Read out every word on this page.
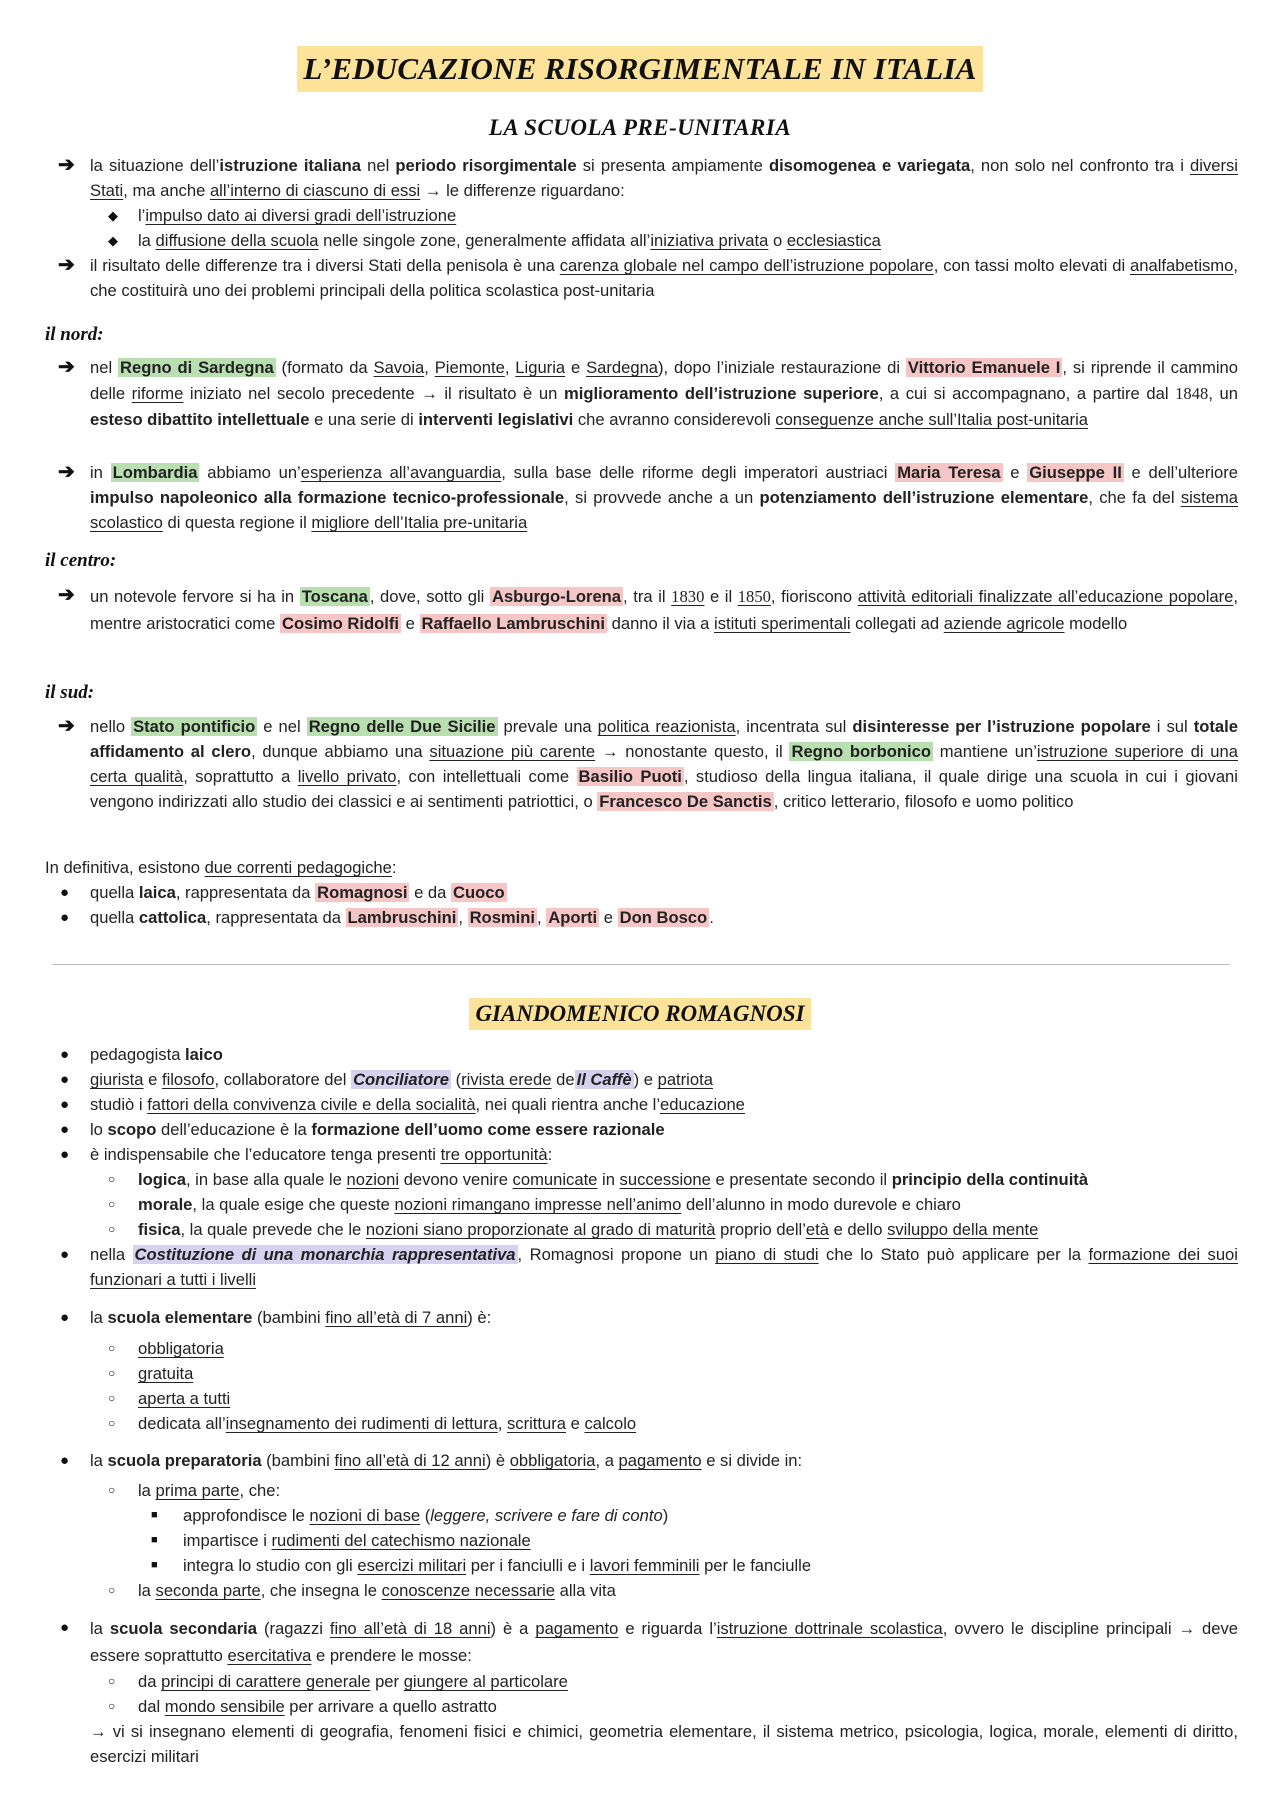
L’EDUCAZIONE RISORGIMENTALE IN ITALIA
LA SCUOLA PRE-UNITARIA
➔ la situazione dell’istruzione italiana nel periodo risorgimentale si presenta ampiamente disomogenea e variegata, non solo nel confronto tra i diversi Stati, ma anche all’interno di ciascuno di essi → le differenze riguardano:
◆ l’impulso dato ai diversi gradi dell’istruzione
◆ la diffusione della scuola nelle singole zone, generalmente affidata all’iniziativa privata o ecclesiastica
➔ il risultato delle differenze tra i diversi Stati della penisola è una carenza globale nel campo dell’istruzione popolare, con tassi molto elevati di analfabetismo, che costituirà uno dei problemi principali della politica scolastica post-unitaria
il nord:
➔ nel Regno di Sardegna (formato da Savoia, Piemonte, Liguria e Sardegna), dopo l’iniziale restaurazione di Vittorio Emanuele I , si riprende il cammino delle riforme iniziato nel secolo precedente → il risultato è un miglioramento dell’istruzione superiore, a cui si accompagnano, a partire dal 1848, un esteso dibattito intellettuale e una serie di interventi legislativi che avranno considerevoli conseguenze anche sull’Italia post-unitaria
➔ in Lombardia abbiamo un’esperienza all’avanguardia, sulla base delle riforme degli imperatori austriaci Maria Teresa e Giuseppe II e dell’ulteriore impulso napoleonico alla formazione tecnico-professionale, si provvede anche a un potenziamento dell’istruzione elementare, che fa del sistema scolastico di questa regione il migliore dell’Italia pre-unitaria
il centro:
➔ un notevole fervore si ha in Toscana , dove, sotto gli Asburgo-Lorena , tra il 1830 e il 1850, fioriscono attività editoriali finalizzate all’educazione popolare, mentre aristocratici come Cosimo Ridolfi e Raffaello Lambruschini danno il via a istituti sperimentali collegati ad aziende agricole modello
il sud:
➔ nello Stato pontificio e nel Regno delle Due Sicilie prevale una politica reazionista, incentrata sul disinteresse per l’istruzione popolare i sul totale affidamento al clero, dunque abbiamo una situazione più carente → nonostante questo, il Regno borbonico mantiene un’istruzione superiore di una certa qualità, soprattutto a livello privato, con intellettuali come Basilio Puoti , studioso della lingua italiana, il quale dirige una scuola in cui i giovani vengono indirizzati allo studio dei classici e ai sentimenti patriottici, o Francesco De Sanctis , critico letterario, filosofo e uomo politico
In definitiva, esistono due correnti pedagogiche:
● quella laica, rappresentata da Romagnosi e da Cuoco
● quella cattolica, rappresentata da Lambruschini , Rosmini , Aporti e Don Bosco .
GIANDOMENICO ROMAGNOSI
● pedagogista laico
● giurista e filosofo, collaboratore del Conciliatore (rivista erede de Il Caffè ) e patriota
● studiò i fattori della convivenza civile e della socialità, nei quali rientra anche l’educazione
● lo scopo dell’educazione è la formazione dell’uomo come essere razionale
● è indispensabile che l’educatore tenga presenti tre opportunità:
○ logica, in base alla quale le nozioni devono venire comunicate in successione e presentate secondo il principio della continuità
○ morale, la quale esige che queste nozioni rimangano impresse nell’animo dell’alunno in modo durevole e chiaro
○ fisica, la quale prevede che le nozioni siano proporzionate al grado di maturità proprio dell’età e dello sviluppo della mente
● nella Costituzione di una monarchia rappresentativa , Romagnosi propone un piano di studi che lo Stato può applicare per la formazione dei suoi funzionari a tutti i livelli
● la scuola elementare (bambini fino all’età di 7 anni) è:
○ obbligatoria
○ gratuita
○ aperta a tutti
○ dedicata all’insegnamento dei rudimenti di lettura, scrittura e calcolo
● la scuola preparatoria (bambini fino all’età di 12 anni) è obbligatoria, a pagamento e si divide in:
○ la prima parte, che:
■ approfondisce le nozioni di base (leggere, scrivere e fare di conto)
■ impartisce i rudimenti del catechismo nazionale
■ integra lo studio con gli esercizi militari per i fanciulli e i lavori femminili per le fanciulle
○ la seconda parte, che insegna le conoscenze necessarie alla vita
● la scuola secondaria (ragazzi fino all’età di 18 anni) è a pagamento e riguarda l’istruzione dottrinale scolastica, ovvero le discipline principali → deve essere soprattutto esercitativa e prendere le mosse:
○ da principi di carattere generale per giungere al particolare
○ dal mondo sensibile per arrivare a quello astratto
→ vi si insegnano elementi di geografia, fenomeni fisici e chimici, geometria elementare, il sistema metrico, psicologia, logica, morale, elementi di diritto, esercizi militari
